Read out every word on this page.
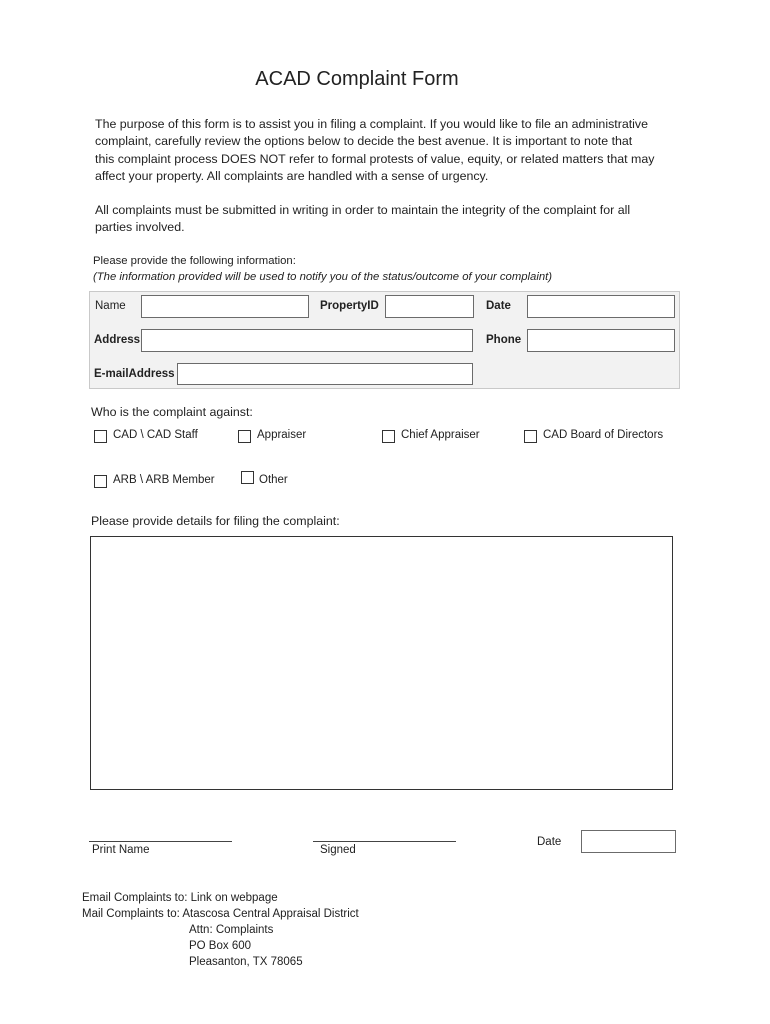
ACAD Complaint Form
The purpose of this form is to assist you in filing a complaint. If you would like to file an administrative
complaint, carefully review the options below to decide the best avenue. It is important to note that
this complaint process DOES NOT refer to formal protests of value, equity, or related matters that may
affect your property. All complaints are handled with a sense of urgency.
All complaints must be submitted in writing in order to maintain the integrity of the complaint for all
parties involved.
Please provide the following information:
(The information provided will be used to notify you of the status/outcome of your complaint)
Name	PropertyID	Date
Address	Phone
E-mailAddress
Who is the complaint against:
CAD \ CAD Staff	Appraiser	Chief Appraiser	CAD Board of Directors
ARB \ ARB Member	Other
Please provide details for filing the complaint:
Print Name	Signed
Date
Email Complaints to: Link on webpage
Mail Complaints to: Atascosa Central Appraisal District
Attn: Complaints
PO Box 600
Pleasanton, TX 78065
